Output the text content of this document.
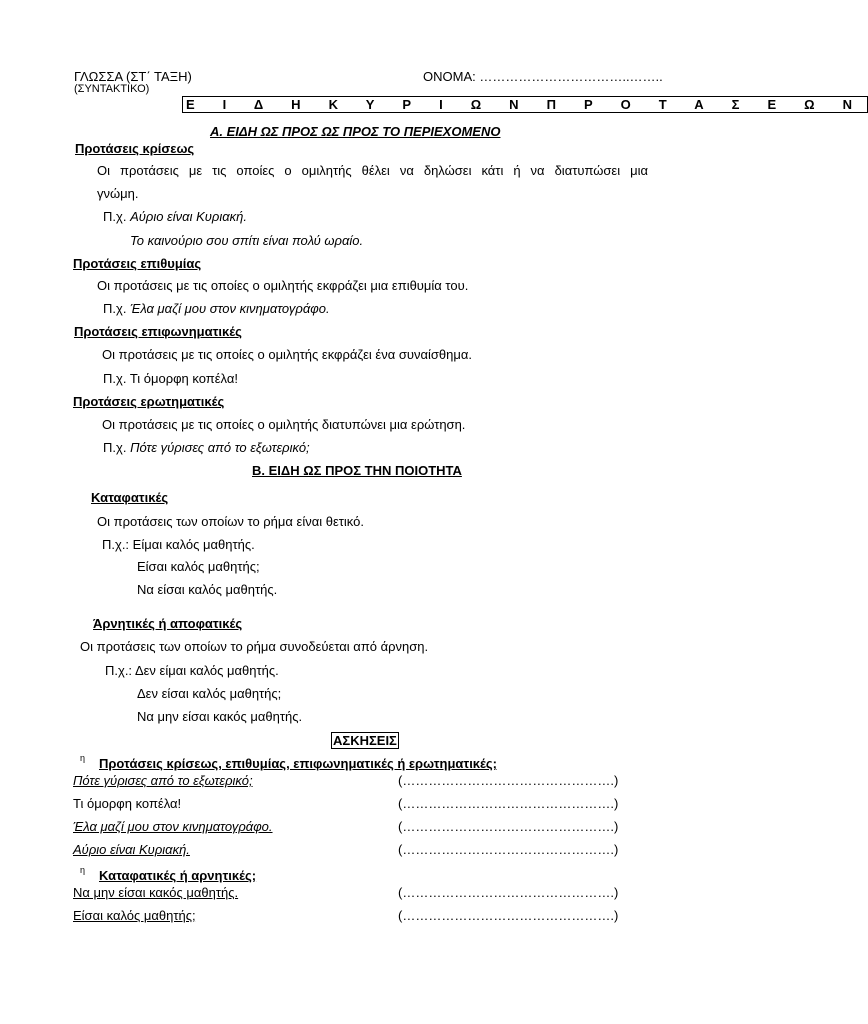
ΓΛΩΣΣΑ (ΣΤ΄ ΤΑΞΗ)	ΟΝΟΜΑ: ……………………………..……..
(ΣΥΝΤΑΚΤΙΚΟ)
Ε Ι Δ Η Κ Υ Ρ Ι Ω Ν Π Ρ Ο Τ Α Σ Ε Ω Ν
Α. ΕΙΔΗ ΩΣ ΠΡΟΣ ΩΣ ΠΡΟΣ ΤΟ ΠΕΡΙΕΧΟΜΕΝΟ
Προτάσεις κρίσεως
Οι προτάσεις με τις οποίες ο ομιλητής θέλει να δηλώσει κάτι ή να διατυπώσει μια
γνώμη.
Π.χ. Αύριο είναι Κυριακή.
Το καινούριο σου σπίτι είναι πολύ ωραίο.
Προτάσεις επιθυμίας
Οι προτάσεις με τις οποίες ο ομιλητής εκφράζει μια επιθυμία του.
Π.χ. Έλα μαζί μου στον κινηματογράφο.
Προτάσεις επιφωνηματικές
Οι προτάσεις με τις οποίες ο ομιλητής εκφράζει ένα συναίσθημα.
Π.χ. Τι όμορφη κοπέλα!
Προτάσεις ερωτηματικές
Οι προτάσεις με τις οποίες ο ομιλητής διατυπώνει μια ερώτηση.
Π.χ. Πότε γύρισες από το εξωτερικό;
Β. ΕΙΔΗ ΩΣ ΠΡΟΣ ΤΗΝ ΠΟΙΟΤΗΤΑ
Καταφατικές
Οι προτάσεις των οποίων το ρήμα είναι θετικό.
Π.χ.: Είμαι καλός μαθητής.
Είσαι καλός μαθητής;
Να είσαι καλός μαθητής.
Άρνητικές ή αποφατικές
Οι προτάσεις των οποίων το ρήμα συνοδεύεται από άρνηση.
Π.χ.: Δεν είμαι καλός μαθητής.
Δεν είσαι καλός μαθητής;
Να μην είσαι κακός μαθητής.
ΑΣΚΗΣΕΙΣ
η Προτάσεις κρίσεως, επιθυμίας, επιφωνηματικές ή ερωτηματικές;
Πότε γύρισες από το εξωτερικό;	(………………………………………….)
Τι όμορφη κοπέλα!	(………………………………………….)
Έλα μαζί μου στον κινηματογράφο.	(………………………………………….)
Αύριο είναι Κυριακή.	(………………………………………….)
η Καταφατικές ή αρνητικές;
Να μην είσαι κακός μαθητής.	(………………………………………….)
Είσαι καλός μαθητής;	(………………………………………….)
